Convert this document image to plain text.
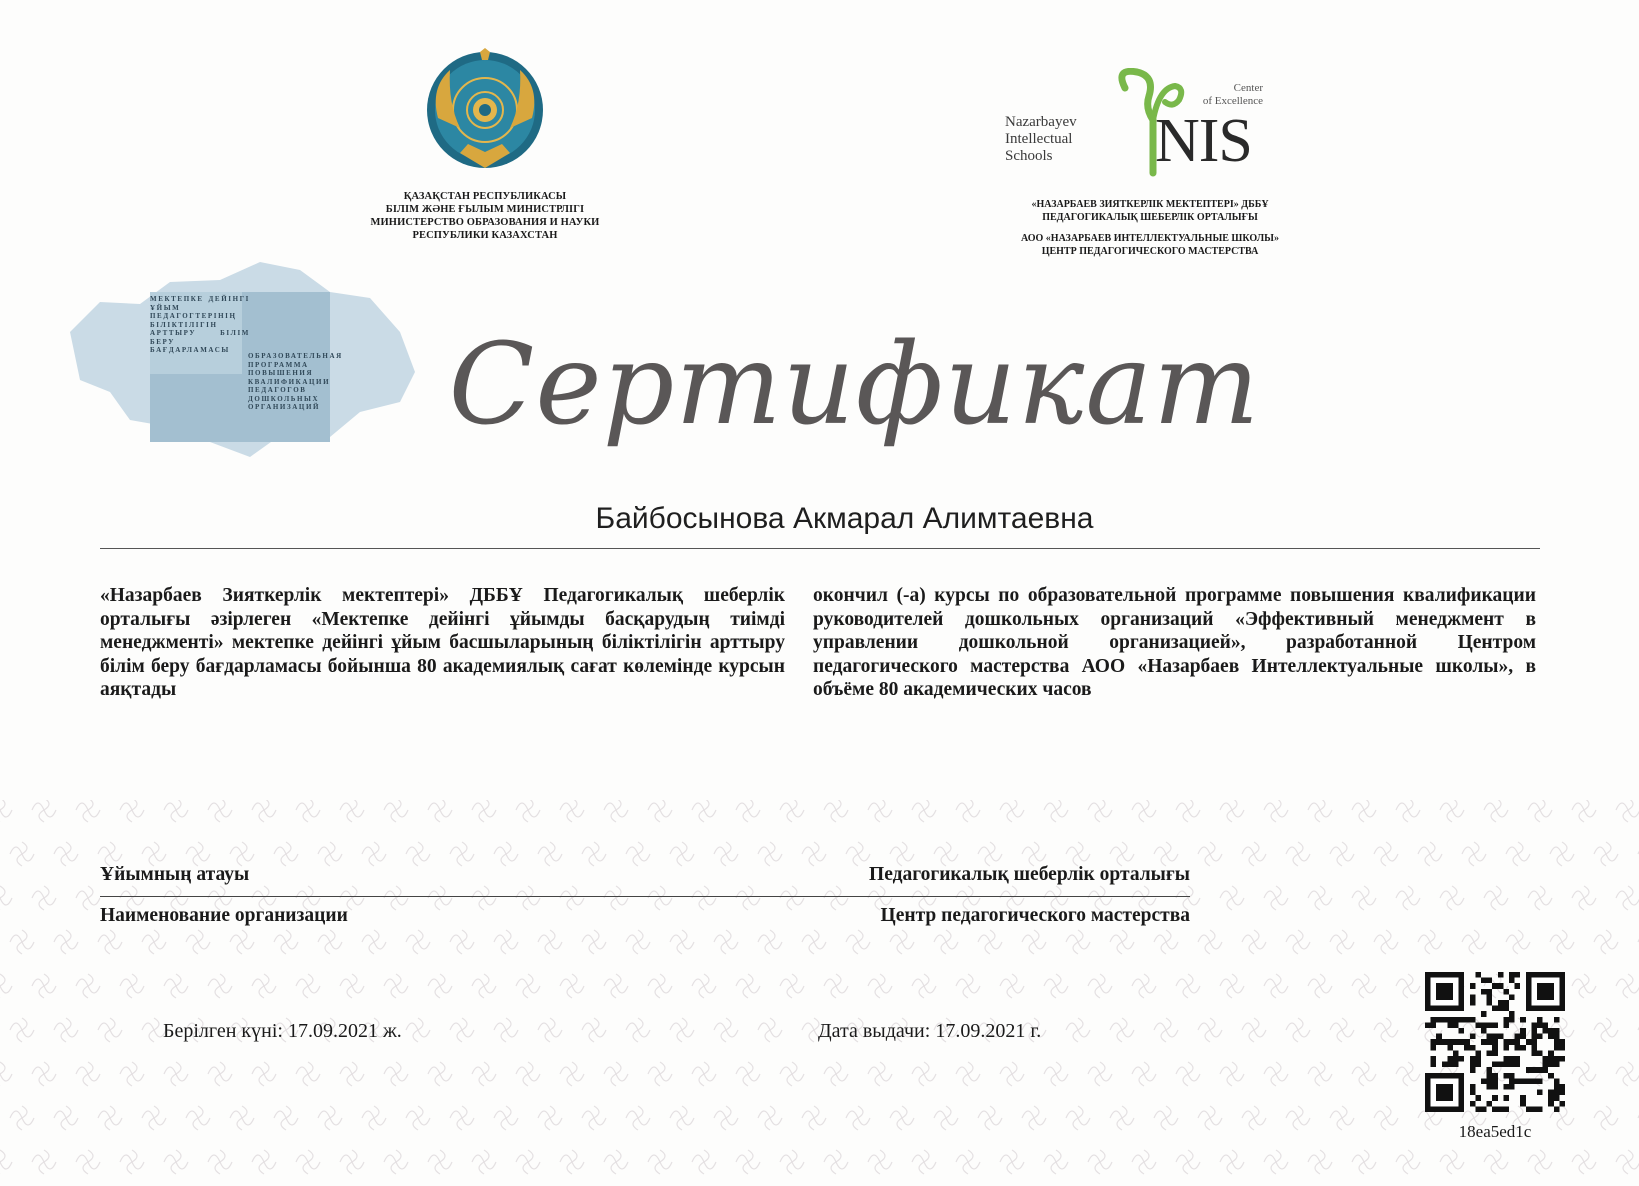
ҚАЗАҚСТАН РЕСПУБЛИКАСЫ
БІЛІМ ЖӘНЕ ҒЫЛЫМ МИНИСТРЛІГІ
МИНИСТЕРСТВО ОБРАЗОВАНИЯ И НАУКИ
РЕСПУБЛИКИ КАЗАХСТАН
Nazarbayev
Intellectual
Schools
Center
of Excellence
NIS
«НАЗАРБАЕВ ЗИЯТКЕРЛІК МЕКТЕПТЕРІ» ДББҰ
ПЕДАГОГИКАЛЫҚ ШЕБЕРЛІК ОРТАЛЫҒЫ
АОО «НАЗАРБАЕВ ИНТЕЛЛЕКТУАЛЬНЫЕ ШКОЛЫ»
ЦЕНТР ПЕДАГОГИЧЕСКОГО МАСТЕРСТВА
МЕКТЕПКЕ ДЕЙІНГІ ҰЙЫМ ПЕДАГОГТЕРІНІҢ БІЛІКТІЛІГІН АРТТЫРУ БІЛІМ БЕРУ БАҒДАРЛАМАСЫ
ОБРАЗОВАТЕЛЬНАЯ ПРОГРАММА ПОВЫШЕНИЯ КВАЛИФИКАЦИИ ПЕДАГОГОВ ДОШКОЛЬНЫХ ОРГАНИЗАЦИЙ	Сертификат
Байбосынова Акмарал Алимтаевна
«Назарбаев Зияткерлік мектептері» ДББҰ Педагогикалық шеберлік орталығы әзірлеген «Мектепке дейінгі ұйымды басқарудың тиімді менеджменті» мектепке дейінгі ұйым басшыларының біліктілігін арттыру білім беру бағдарламасы бойынша 80 академиялық сағат көлемінде курсын аяқтады
окончил (-а) курсы по образовательной программе повышения квалификации руководителей дошкольных организаций «Эффективный менеджмент в управлении дошкольной организацией», разработанной Центром педагогического мастерства АОО «Назарбаев Интеллектуальные школы», в объёме 80 академических часов
Ұйымның атауы	Педагогикалық шеберлік орталығы
Наименование организации	Центр педагогического мастерства
Берілген күні: 17.09.2021 ж.	Дата выдачи: 17.09.2021 г.
18ea5ed1c
